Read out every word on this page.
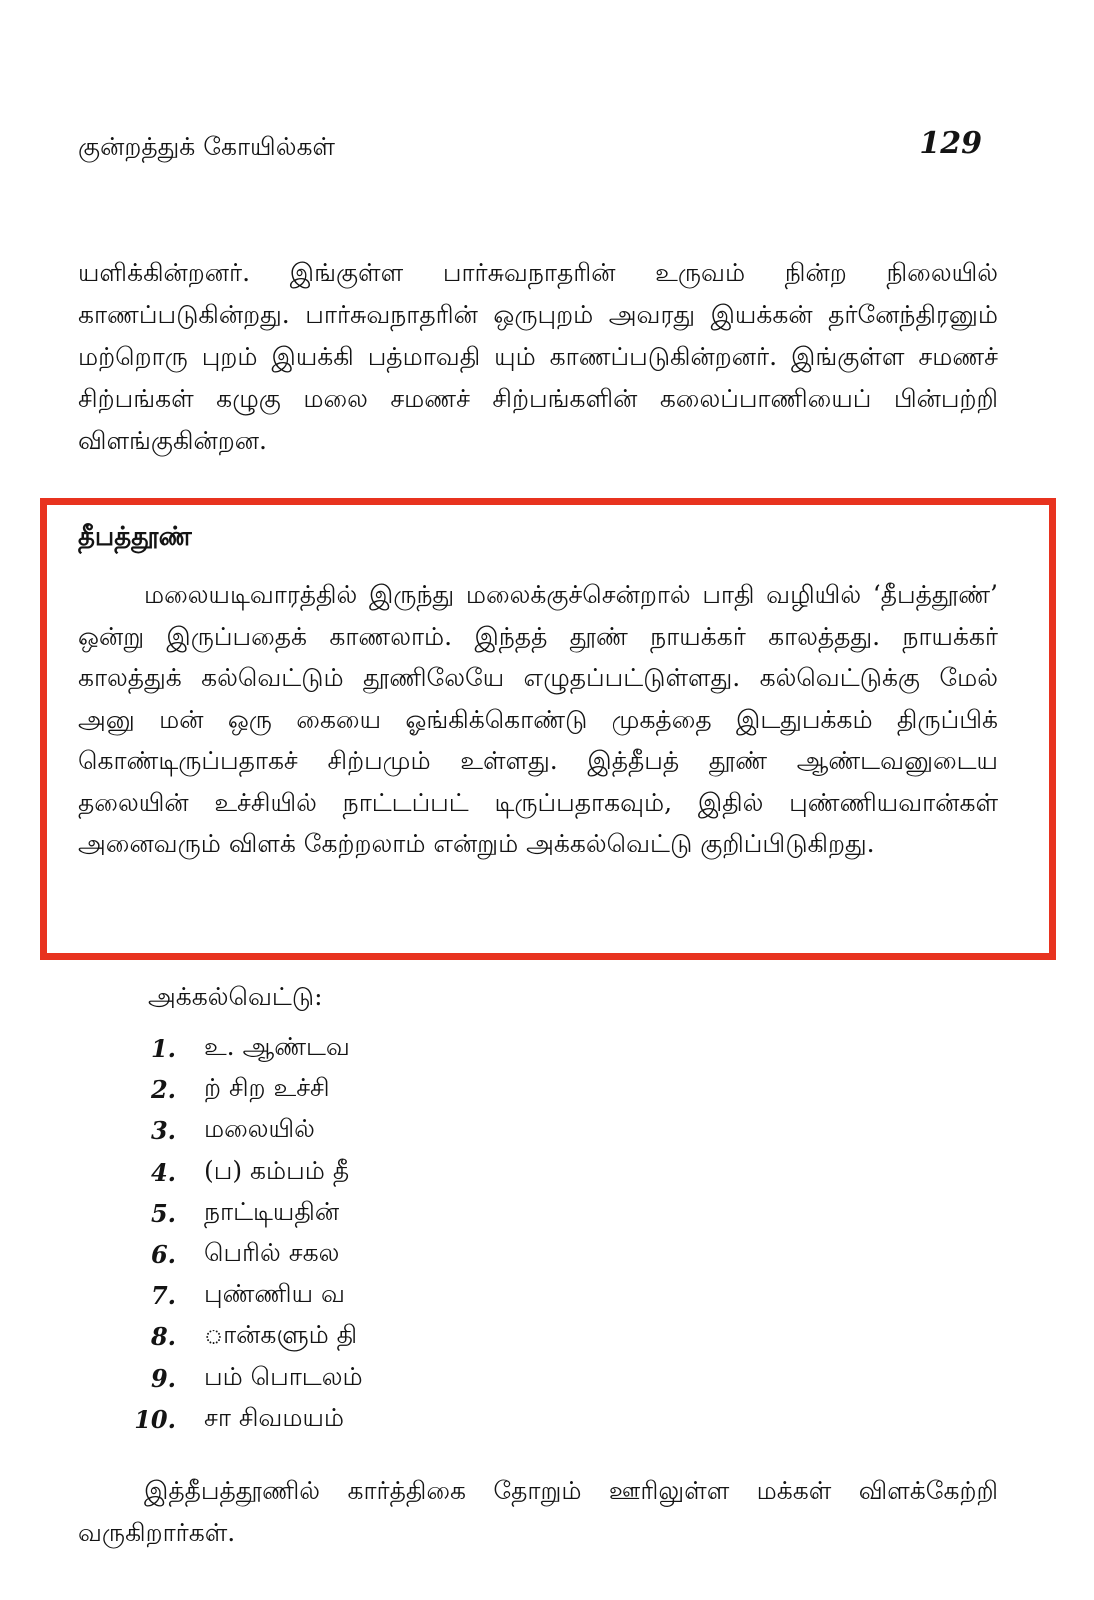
குன்றத்துக் கோயில்கள்	129

யளிக்கின்றனர். இங்குள்ள பார்சுவநாதரின் உருவம் நின்ற நிலையில் காணப்படுகின்றது. பார்சுவநாதரின் ஒருபுறம் அவரது இயக்கன் தர்னேந்திரனும் மற்றொரு புறம் இயக்கி பத்மாவதி யும் காணப்படுகின்றனர். இங்குள்ள சமணச் சிற்பங்கள் கழுகு மலை சமணச் சிற்பங்களின் கலைப்பாணியைப் பின்பற்றி விளங்குகின்றன.

தீபத்தூண்

மலையடிவாரத்தில் இருந்து மலைக்குச்சென்றால் பாதி வழியில் ‘தீபத்தூண்’ ஒன்று இருப்பதைக் காணலாம். இந்தத் தூண் நாயக்கர் காலத்தது. நாயக்கர் காலத்துக் கல்வெட்டும் தூணிலேயே எழுதப்பட்டுள்ளது. கல்வெட்டுக்கு மேல் அனு மன் ஒரு கையை ஓங்கிக்கொண்டு முகத்தை இடதுபக்கம் திருப்பிக் கொண்டிருப்பதாகச் சிற்பமும் உள்ளது. இத்தீபத் தூண் ஆண்டவனுடைய தலையின் உச்சியில் நாட்டப்பட் டிருப்பதாகவும், இதில் புண்ணியவான்கள் அனைவரும் விளக் கேற்றலாம் என்றும் அக்கல்வெட்டு குறிப்பிடுகிறது.

அக்கல்வெட்டு:
1.	உ. ஆண்டவ
2.	ற் சிற உச்சி
3.	மலையில்
4.	(ப) கம்பம் தீ
5.	நாட்டியதின்
6.	பெரில் சகல
7.	புண்ணிய வ
8.	ான்களும் தி
9.	பம் பொடலம்
10.	சா சிவமயம்

இத்தீபத்தூணில் கார்த்திகை தோறும் ஊரிலுள்ள மக்கள் விளக்கேற்றி வருகிறார்கள்.
